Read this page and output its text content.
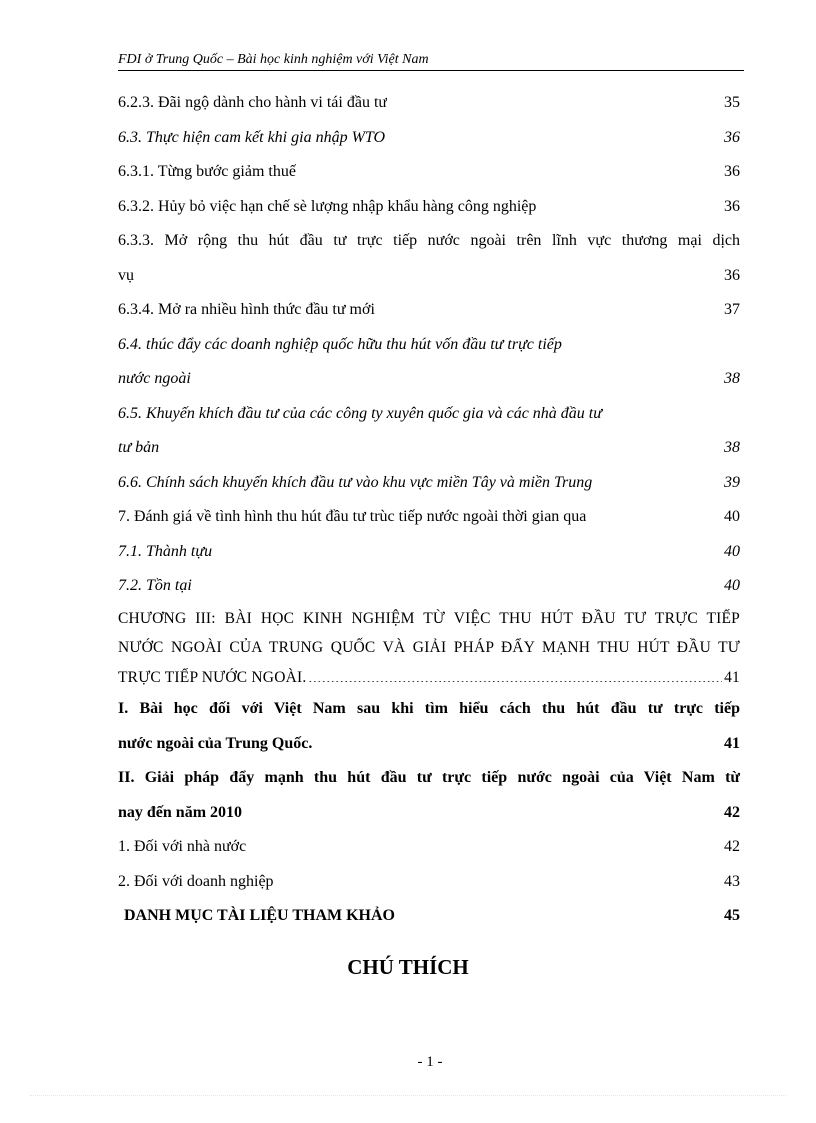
FDI ở Trung Quốc – Bài học kinh nghiệm với Việt Nam
6.2.3. Đãi ngộ dành cho hành vi tái đầu tư .....	35
6.3. Thực hiện cam kết khi gia nhập WTO .....	36
6.3.1. Từng bước giảm thuế .....	36
6.3.2. Hủy bỏ việc hạn chế sè lượng nhập khẩu hàng công nghiệp .....	36
6.3.3. Mở rộng thu hút đầu tư trực tiếp nước ngoài trên lĩnh vực thương mại dịch
vụ .....	36
6.3.4. Mở ra nhiều hình thức đầu tư mới .....	37
6.4. thúc đẩy các doanh nghiệp quốc hữu thu hút vốn đầu tư trực tiếp
nước ngoài .....	38
6.5. Khuyến khích đầu tư của các công ty xuyên quốc gia và các nhà đầu tư
tư bản .....	38
6.6. Chính sách khuyến khích đầu tư vào khu vực miền Tây và miền Trung .....	39
7. Đánh giá về tình hình thu hút đầu tư trùc tiếp nước ngoài thời gian qua .....	40
7.1. Thành tựu .....	40
7.2. Tồn tại .....	40
CHƯƠNG III: BÀI HỌC KINH NGHIỆM TỪ VIỆC THU HÚT ĐẦU TƯ TRỰC TIẾP
NƯỚC NGOÀI CỦA TRUNG QUỐC VÀ GIẢI PHÁP ĐẨY MẠNH THU HÚT ĐẦU TƯ
TRỰC TIẾP NƯỚC NGOÀI. .....	41
I. Bài học đối với Việt Nam sau khi tìm hiểu cách thu hút đầu tư trực tiếp
nước ngoài của Trung Quốc. .....	41
II. Giải pháp đẩy mạnh thu hút đầu tư trực tiếp nước ngoài của Việt Nam từ
nay đến năm 2010 .....	42
1. Đối với nhà nước .....	42
2. Đối với doanh nghiệp .....	43
DANH MỤC TÀI LIỆU THAM KHẢO .....	45
CHÚ THÍCH
- 1 -
